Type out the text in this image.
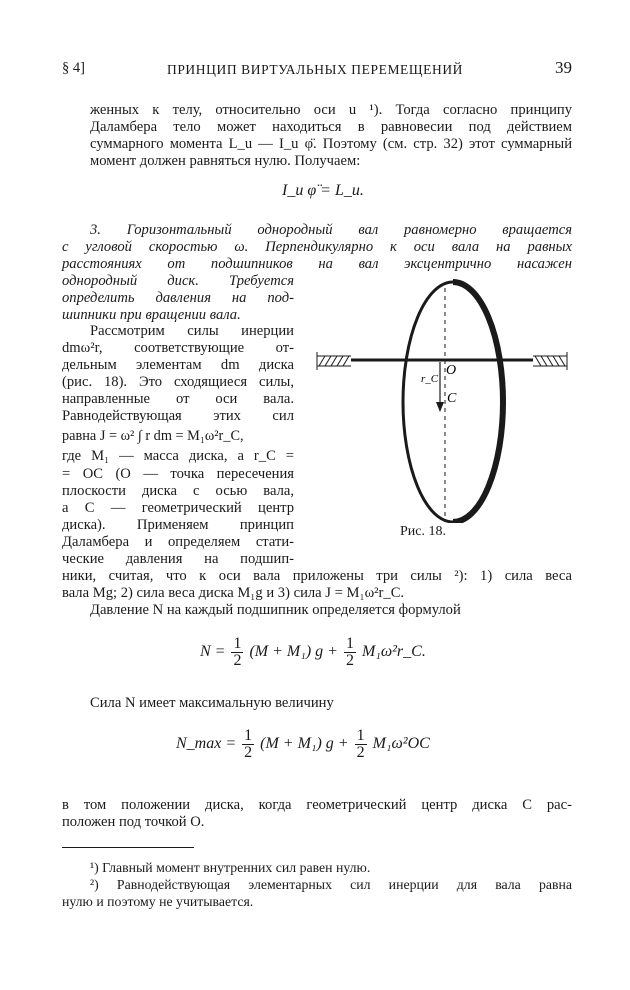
§ 4]	ПРИНЦИП ВИРТУАЛЬНЫХ ПЕРЕМЕЩЕНИЙ	39
женных к телу, относительно оси u ¹). Тогда согласно принципу
Даламбера тело может находиться в равновесии под действием
суммарного момента L_u — I_u φ̈. Поэтому (см. стр. 32) этот суммарный
момент должен равняться нулю. Получаем:
I_u φ̈ = L_u.
3. Горизонтальный однородный вал равномерно вращается
с угловой скоростью ω. Перпендикулярно к оси вала на равных
расстояниях от подшипников на вал эксцентрично насажен
однородный диск. Требуется
определить давления на под-
шипники при вращении вала.
Рассмотрим силы инерции
dmω²r, соответствующие от-
дельным элементам dm диска
(рис. 18). Это сходящиеся силы,
направленные от оси вала.
Равнодействующая этих сил
равна J = ω² ∫ r dm = M₁ω²r_C,
где M₁ — масса диска, а r_C =
= OC (O — точка пересечения
плоскости диска с осью вала,
а C — геометрический центр
диска). Применяем принцип
Даламбера и определяем стати-
ческие давления на подшип-
O
C
r_C
Рис. 18.
ники, считая, что к оси вала приложены три силы ²): 1) сила веса
вала Mg; 2) сила веса диска M₁g и 3) сила J = M₁ω²r_C.
Давление N на каждый подшипник определяется формулой
$N = \frac{1}{2} (M + M_1) g + \frac{1}{2}$ M₁ω²r_C.
Сила N имеет максимальную величину
N_max = $\frac{1}{2} (M + M_1) g + \frac{1}{2} M_1\omega^2OC$
в том положении диска, когда геометрический центр диска C рас-
положен под точкой O.
¹) Главный момент внутренних сил равен нулю.
²) Равнодействующая элементарных сил инерции для вала равна
нулю и поэтому не учитывается.
